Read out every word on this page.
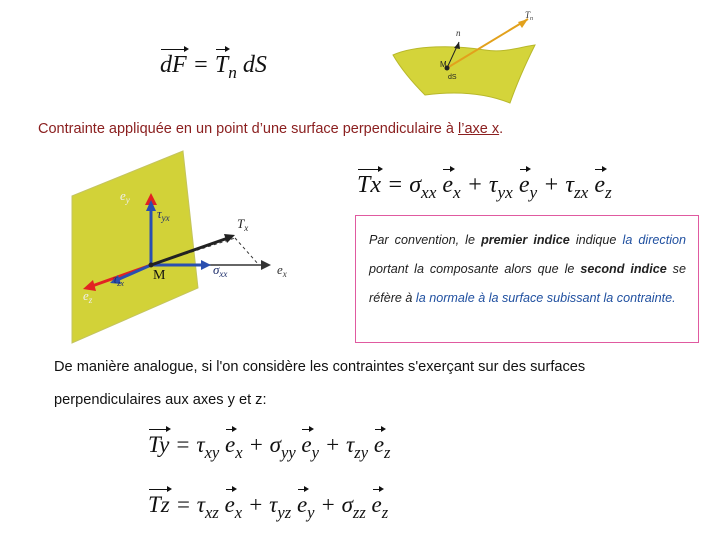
dF = $T_n$ dS
n
$T_n$
M
dS
Contrainte appliquée en un point d’une surface perpendiculaire à l’axe x.
$e_y$
$\tau_{yx}$	$T_x$
M	$\sigma_{xx}$	$e_x$
$\tau_{zx}$
$e_z$
$Tx = \sigma_{xx}$ $e_x + \tau_{yx}$ $e_y + \tau_{zx}$ $e_z$
Par convention, le premier indice indique la direction portant la composante alors que le second indice se réfère à la normale à la surface subissant la contrainte.
De manière analogue, si l'on considère les contraintes s'exerçant sur des surfaces
perpendiculaires aux axes y et z:
$Ty = \tau_{xy}$ $e_x + \sigma_{yy}$ $e_y + \tau_{zy}$ $e_z$
$Tz = \tau_{xz}$ $e_x + \tau_{yz}$ $e_y + \sigma_{zz}$ $e_z$
